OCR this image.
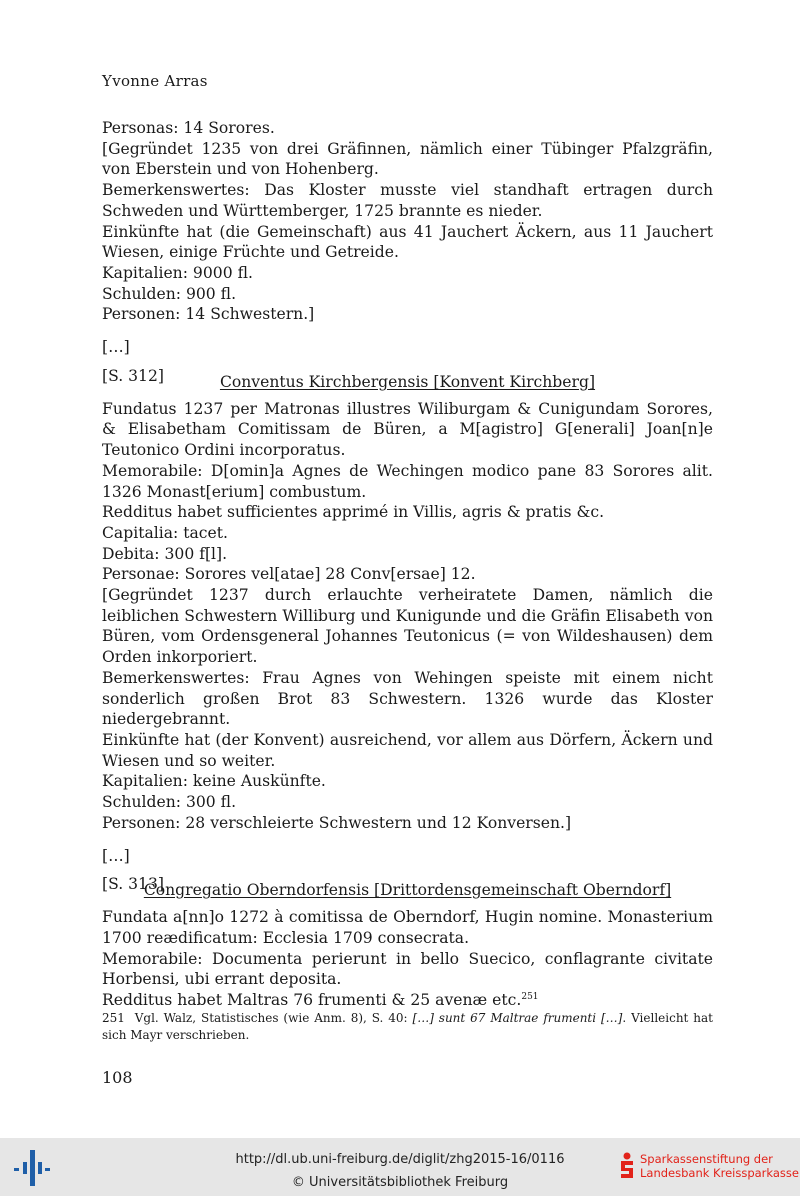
Yvonne Arras

Personas: 14 Sorores.

[Gegründet 1235 von drei Gräfinnen, nämlich einer Tübinger Pfalzgräfin, von Eberstein und von Hohenberg.

Bemerkenswertes: Das Kloster musste viel standhaft ertragen durch Schweden und Württemberger, 1725 brannte es nieder.

Einkünfte hat (die Gemeinschaft) aus 41 Jauchert Äckern, aus 11 Jauchert Wiesen, einige Früchte und Getreide.

Kapitalien: 9000 fl.

Schulden: 900 fl.

Personen: 14 Schwestern.]

[…]

[S. 312]	Conventus Kirchbergensis [Konvent Kirchberg]

Fundatus 1237 per Matronas illustres Wiliburgam & Cunigundam Sorores, & Elisabetham Comitissam de Büren, a M[agistro] G[enerali] Joan[n]e Teutonico Ordini incorporatus.

Memorabile: D[omin]a Agnes de Wechingen modico pane 83 Sorores alit. 1326 Monast[erium] combustum.

Redditus habet sufficientes apprimé in Villis, agris & pratis &c.

Capitalia: tacet.

Debita: 300 f[l].

Personae: Sorores vel[atae] 28 Conv[ersae] 12.

[Gegründet 1237 durch erlauchte verheiratete Damen, nämlich die leiblichen Schwestern Williburg und Kunigunde und die Gräfin Elisabeth von Büren, vom Ordensgeneral Johannes Teutonicus (= von Wildeshausen) dem Orden inkorporiert.

Bemerkenswertes: Frau Agnes von Wehingen speiste mit einem nicht sonderlich großen Brot 83 Schwestern. 1326 wurde das Kloster niedergebrannt.

Einkünfte hat (der Konvent) ausreichend, vor allem aus Dörfern, Äckern und Wiesen und so weiter.

Kapitalien: keine Auskünfte.

Schulden: 300 fl.

Personen: 28 verschleierte Schwestern und 12 Konversen.]

[…]

[S. 313]
Congregatio Oberndorfensis [Drittordensgemeinschaft Oberndorf]

Fundata a[nn]o 1272 à comitissa de Oberndorf, Hugin nomine. Monasterium 1700 reædificatum: Ecclesia 1709 consecrata.

Memorabile: Documenta perierunt in bello Suecico, conflagrante civitate Horbensi, ubi errant deposita.

Redditus habet Maltras 76 frumenti & 25 avenæ etc.$^{251}$

251 Vgl. Walz, Statistisches (wie Anm. 8), S. 40: […] sunt 67 Maltrae frumenti […]. Vielleicht hat sich Mayr verschrieben.
108
http://dl.ub.uni-freiburg.de/diglit/zhg2015-16/0116
© Universitätsbibliothek Freiburg
Sparkassenstiftung der
Landesbank Kreissparkasse
